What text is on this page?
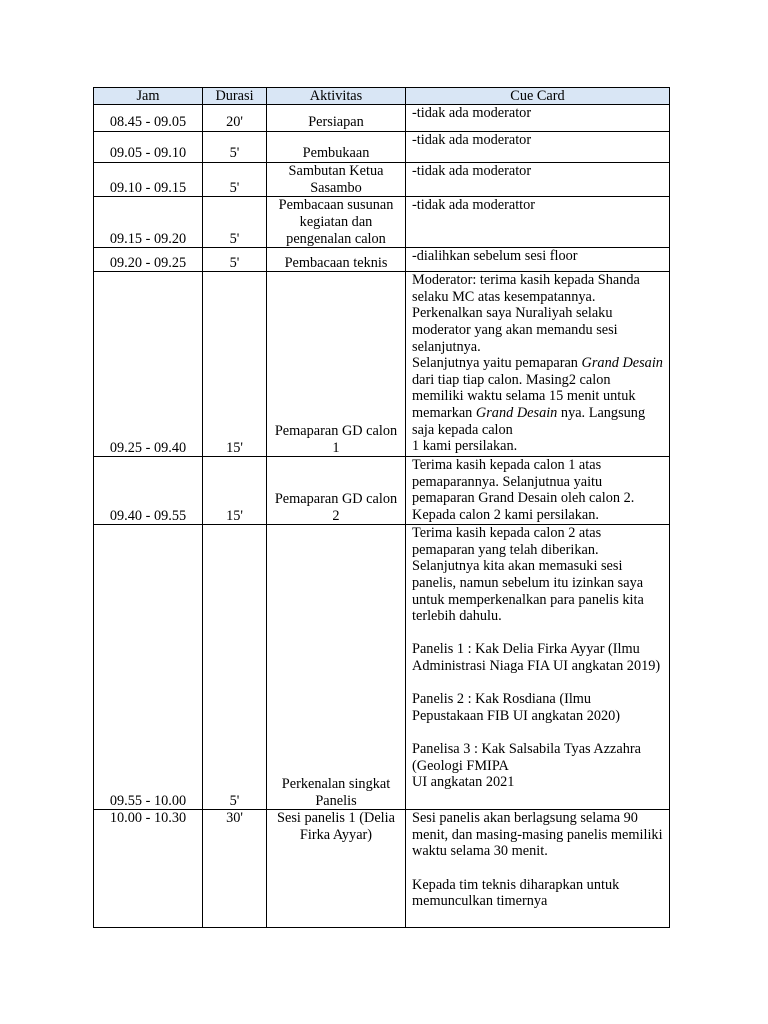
Jam	Durasi	Aktivitas	Cue Card
08.45 - 09.05	20'	Persiapan	-tidak ada moderator
09.05 - 09.10	5'	Pembukaan	-tidak ada moderator
09.10 - 09.15	5'	Sambutan Ketua Sasambo	-tidak ada moderator
09.15 - 09.20	5'	Pembacaan susunan kegiatan dan pengenalan calon	-tidak ada moderattor
09.20 - 09.25	5'	Pembacaan teknis	-dialihkan sebelum sesi floor
09.25 - 09.40	15'	Pemaparan GD calon 1	Moderator: terima kasih kepada Shanda selaku MC atas kesempatannya. Perkenalkan saya Nuraliyah selaku moderator yang akan memandu sesi selanjutnya.
Selanjutnya yaitu pemaparan Grand Desain dari tiap tiap calon. Masing2 calon memiliki waktu selama 15 menit untuk memarkan Grand Desain nya. Langsung saja kepada calon
1 kami persilakan.

09.40 - 09.55	15'	Pemaparan GD calon 2	Terima kasih kepada calon 1 atas pemaparannya. Selanjutnua yaitu pemaparan Grand Desain oleh calon 2. Kepada calon 2 kami persilakan.
09.55 - 10.00	5'	Perkenalan singkat Panelis	Terima kasih kepada calon 2 atas pemaparan yang telah diberikan. Selanjutnya kita akan memasuki sesi panelis, namun sebelum itu izinkan saya untuk memperkenalkan para panelis kita terlebih dahulu.
Panelis 1 : Kak Delia Firka Ayyar (Ilmu Administrasi Niaga FIA UI angkatan 2019)
Panelis 2 : Kak Rosdiana (Ilmu Pepustakaan FIB UI angkatan 2020)
Panelisa 3 : Kak Salsabila Tyas Azzahra (Geologi FMIPA
UI angkatan 2021

10.00 - 10.30	30'	Sesi panelis 1 (Delia Firka Ayyar)	Sesi panelis akan berlagsung selama 90 menit, dan masing-masing panelis memiliki waktu selama 30 menit.
Kepada tim teknis diharapkan untuk memunculkan timernya
